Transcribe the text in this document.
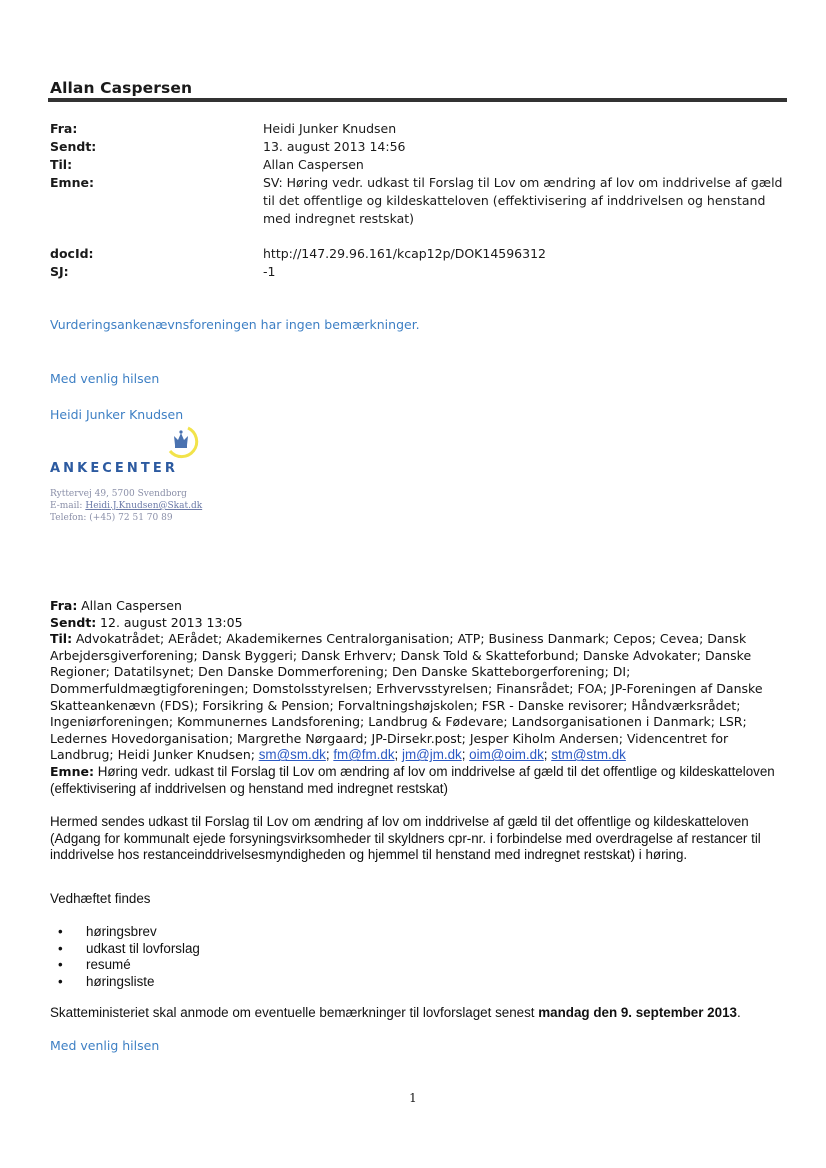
Allan Caspersen
Fra:	Heidi Junker Knudsen
Sendt:	13. august 2013 14:56
Til:	Allan Caspersen
Emne:	SV: Høring vedr. udkast til Forslag til Lov om ændring af lov om inddrivelse af gæld til det offentlige og kildeskatteloven (effektivisering af inddrivelsen og henstand med indregnet restskat)
docId:	http://147.29.96.161/kcap12p/DOK14596312
SJ:	-1
Vurderingsankenævnsforeningen har ingen bemærkninger.
Med venlig hilsen
Heidi Junker Knudsen
ANKECENTER
Ryttervej 49, 5700 Svendborg
E-mail: Heidi.J.Knudsen@Skat.dk
Telefon: (+45) 72 51 70 89
Fra: Allan Caspersen
Sendt: 12. august 2013 13:05
Til: Advokatrådet; AErådet; Akademikernes Centralorganisation; ATP; Business Danmark; Cepos; Cevea; Dansk Arbejdersgiverforening; Dansk Byggeri; Dansk Erhverv; Dansk Told & Skatteforbund; Danske Advokater; Danske Regioner; Datatilsynet; Den Danske Dommerforening; Den Danske Skatteborgerforening; DI; Dommerfuldmægtigforeningen; Domstolsstyrelsen; Erhvervsstyrelsen; Finansrådet; FOA; JP-Foreningen af Danske Skatteankenævn (FDS); Forsikring & Pension; Forvaltningshøjskolen; FSR - Danske revisorer; Håndværksrådet; Ingeniørforeningen; Kommunernes Landsforening; Landbrug & Fødevare; Landsorganisationen i Danmark; LSR; Ledernes Hovedorganisation; Margrethe Nørgaard; JP-Dirsekr.post; Jesper Kiholm Andersen; Videncentret for Landbrug; Heidi Junker Knudsen; sm@sm.dk; fm@fm.dk; jm@jm.dk; oim@oim.dk; stm@stm.dk
Emne: Høring vedr. udkast til Forslag til Lov om ændring af lov om inddrivelse af gæld til det offentlige og kildeskatteloven (effektivisering af inddrivelsen og henstand med indregnet restskat)
Hermed sendes udkast til Forslag til Lov om ændring af lov om inddrivelse af gæld til det offentlige og kildeskatteloven (Adgang for kommunalt ejede forsyningsvirksomheder til skyldners cpr-nr. i forbindelse med overdragelse af restancer til inddrivelse hos restanceinddrivelsesmyndigheden og hjemmel til henstand med indregnet restskat) i høring.
Vedhæftet findes
• høringsbrev
• udkast til lovforslag
• resumé
• høringsliste
Skatteministeriet skal anmode om eventuelle bemærkninger til lovforslaget senest mandag den 9. september 2013.
Med venlig hilsen
1
